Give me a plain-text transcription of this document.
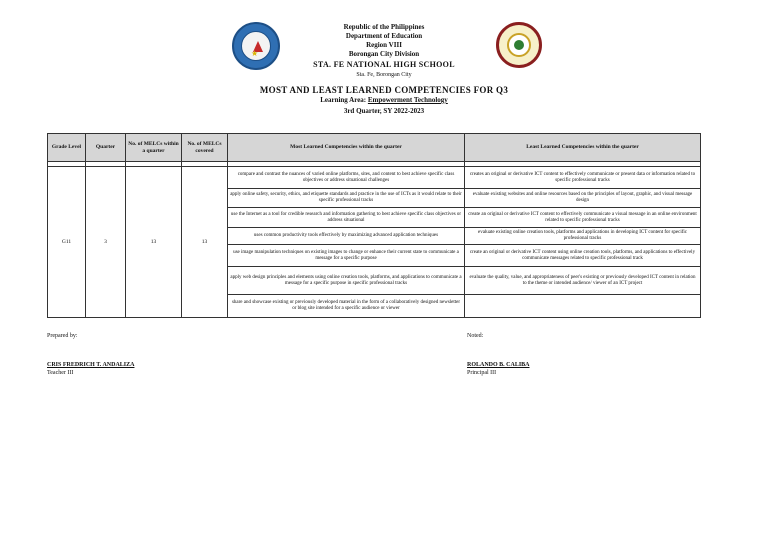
★
Republic of the Philippines
Department of Education
Region VIII
Borongan City Division
STA. FE NATIONAL HIGH SCHOOL
Sta. Fe, Borongan City
MOST AND LEAST LEARNED COMPETENCIES FOR Q3
Learning Area: Empowerment Technology
3rd Quarter, SY 2022-2023
Grade Level	Quarter	No. of MELCs within a quarter	No. of MELCs covered	Most Learned Competencies within the quarter	Least Learned Competencies within the quarter

G11	3	13	13	compare and contrast the nuances of varied online platforms, sites, and content to best achieve specific class objectives or address situational challenges	creates an original or derivative ICT content to effectively communicate or present data or information related to specific professional tracks
				apply online safety, security, ethics, and etiquette standards and practice in the use of ICTs as it would relate to their specific professional tracks	evaluate existing websites and online resources based on the principles of layout, graphic, and visual message design
				use the Internet as a tool for credible research and information gathering to best achieve specific class objectives or address situational	create an original or derivative ICT content to effectively communicate a visual message in an online environment related to specific professional tracks
				uses common productivity tools effectively by maximizing advanced application techniques	evaluate existing online creation tools, platforms and applications in developing ICT content for specific professional tracks
				use image manipulation techniques on existing images to change or enhance their current state to communicate a message for a specific purpose	create an original or derivative ICT content using online creation tools, platforms, and applications to effectively communicate messages related to specific professional track
				apply web design principles and elements using online creation tools, platforms, and applications to communicate a message for a specific purpose in specific professional tracks	evaluate the quality, value, and appropriateness of peer's existing or previously developed ICT content in relation to the theme or intended audience/ viewer of an ICT project
				share and showcase existing or previously developed material in the form of a collaboratively designed newsletter or blog site intended for a specific audience or viewer	
Prepared by:
CRIS FREDRICH T. ANDALIZA
Teacher III
Noted:
ROLANDO B. CALIBA
Principal III
